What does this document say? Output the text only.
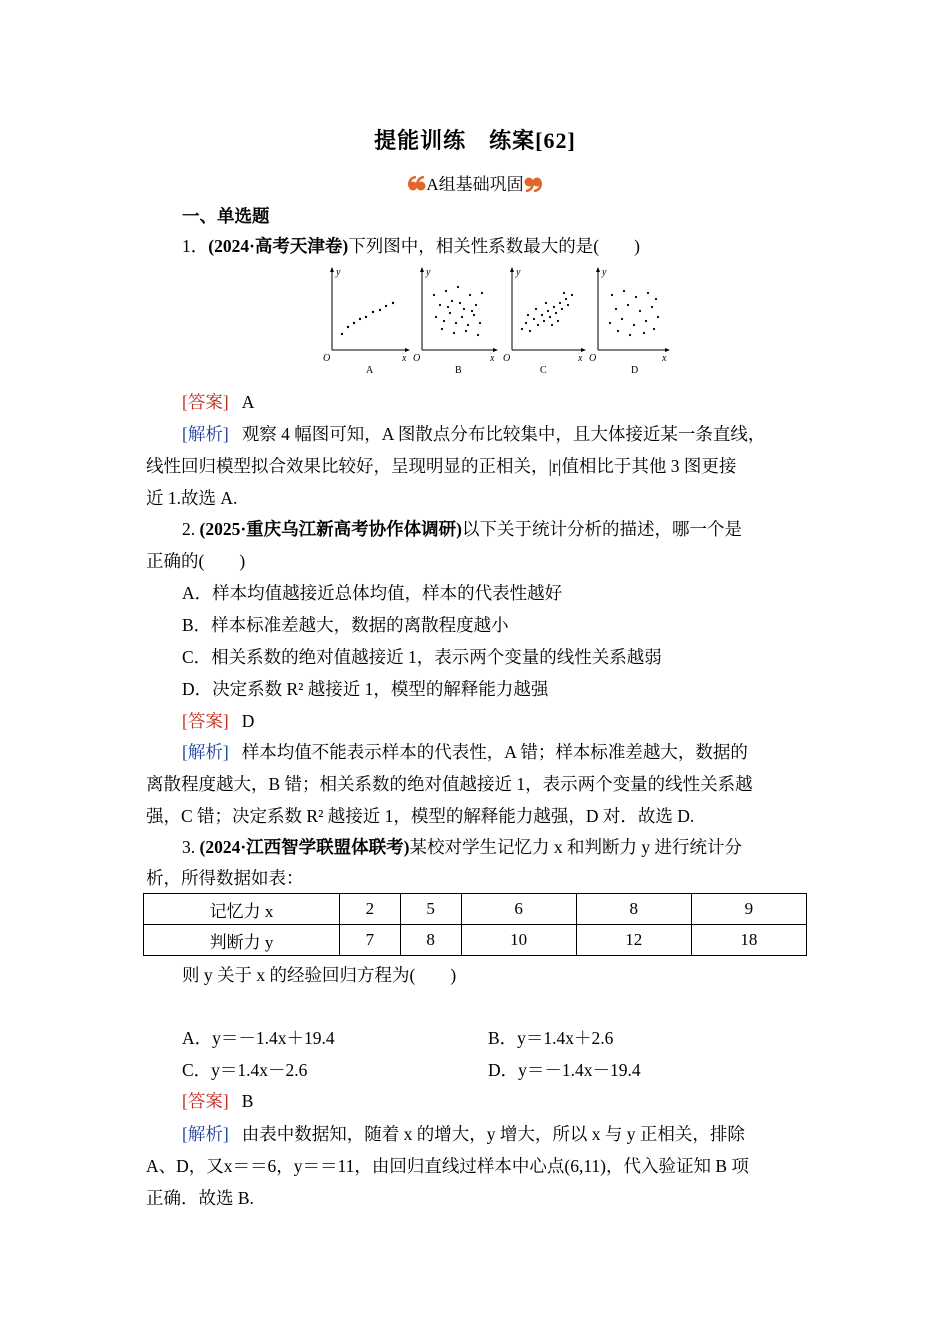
提能训练　练案[62]
A组基础巩固
一、单选题
1．(2024·高考天津卷)下列图中，相关性系数最大的是(　　)
y
O	x
A
y
O	x
B
y
O	x
C
y
O	x
D
[答案] A
[解析] 观察 4 幅图可知，A 图散点分布比较集中，且大体接近某一条直线，
线性回归模型拟合效果比较好，呈现明显的正相关，|r|值相比于其他 3 图更接
近 1.故选 A.
2. (2025·重庆乌江新高考协作体调研)以下关于统计分析的描述，哪一个是
正确的(　　)
A．样本均值越接近总体均值，样本的代表性越好
B．样本标准差越大，数据的离散程度越小
C．相关系数的绝对值越接近 1，表示两个变量的线性关系越弱
D．决定系数 R² 越接近 1，模型的解释能力越强
[答案] D
[解析] 样本均值不能表示样本的代表性，A 错；样本标准差越大，数据的
离散程度越大，B 错；相关系数的绝对值越接近 1，表示两个变量的线性关系越
强，C 错；决定系数 R² 越接近 1，模型的解释能力越强，D 对．故选 D.
3. (2024·江西智学联盟体联考)某校对学生记忆力 x 和判断力 y 进行统计分
析，所得数据如表：
记忆力 x	2	5	6	8	9
判断力 y	7	8	10	12	18
则 y 关于 x 的经验回归方程为(　　)
A．y＝－1.4x＋19.4	B．y＝1.4x＋2.6
C．y＝1.4x－2.6	D．y＝－1.4x－19.4
[答案] B
[解析] 由表中数据知，随着 x 的增大，y 增大，所以 x 与 y 正相关，排除
A、D，又x＝＝6，y＝＝11，由回归直线过样本中心点(6,11)，代入验证知 B 项
正确．故选 B.
